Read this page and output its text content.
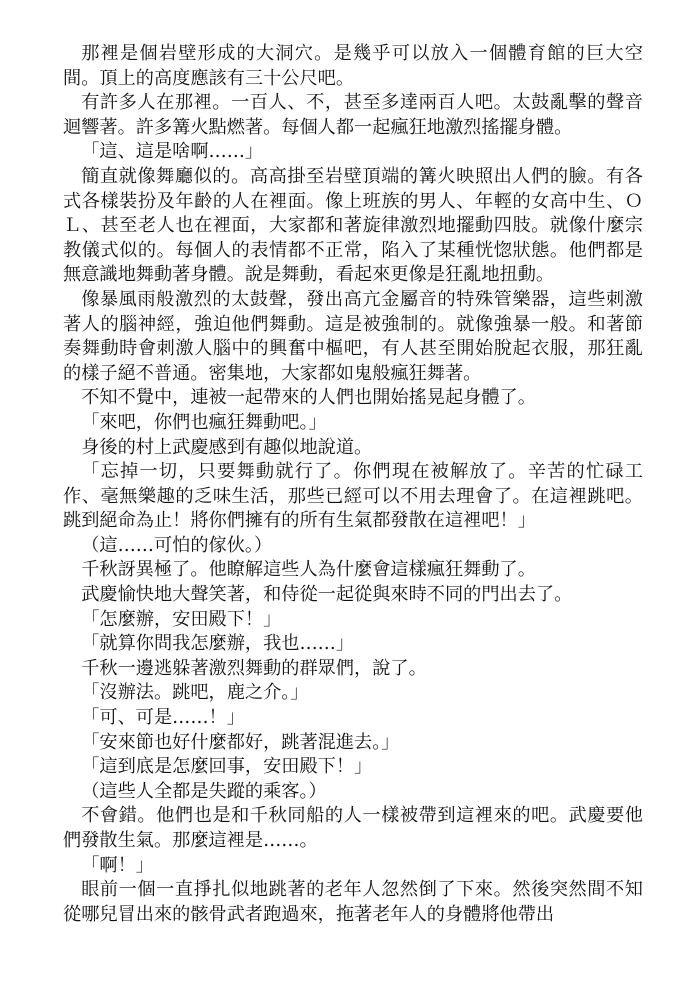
那裡是個岩壁形成的大洞穴。是幾乎可以放入一個體育館的巨大空間。頂上的高度應該有三十公尺吧。

有許多人在那裡。一百人、不，甚至多達兩百人吧。太鼓亂擊的聲音迴響著。許多篝火點燃著。每個人都一起瘋狂地激烈搖擺身體。

「這、這是啥啊……」

簡直就像舞廳似的。高高掛至岩壁頂端的篝火映照出人們的臉。有各式各樣裝扮及年齡的人在裡面。像上班族的男人、年輕的女高中生、ＯＬ、甚至老人也在裡面，大家都和著旋律激烈地擺動四肢。就像什麼宗教儀式似的。每個人的表情都不正常，陷入了某種恍惚狀態。他們都是無意識地舞動著身體。說是舞動，看起來更像是狂亂地扭動。

像暴風雨般激烈的太鼓聲，發出高亢金屬音的特殊管樂器，這些刺激著人的腦神經，強迫他們舞動。這是被強制的。就像強暴一般。和著節奏舞動時會刺激人腦中的興奮中樞吧，有人甚至開始脫起衣服，那狂亂的樣子絕不普通。密集地，大家都如鬼般瘋狂舞著。

不知不覺中，連被一起帶來的人們也開始搖晃起身體了。

「來吧，你們也瘋狂舞動吧。」

身後的村上武慶感到有趣似地說道。

「忘掉一切，只要舞動就行了。你們現在被解放了。辛苦的忙碌工作、毫無樂趣的乏味生活，那些已經可以不用去理會了。在這裡跳吧。跳到絕命為止！將你們擁有的所有生氣都發散在這裡吧！」

（這……可怕的傢伙。）

千秋訝異極了。他瞭解這些人為什麼會這樣瘋狂舞動了。

武慶愉快地大聲笑著，和侍從一起從與來時不同的門出去了。

「怎麼辦，安田殿下！」

「就算你問我怎麼辦，我也……」

千秋一邊逃躲著激烈舞動的群眾們，說了。

「沒辦法。跳吧，鹿之介。」

「可、可是……！」

「安來節也好什麼都好，跳著混進去。」

「這到底是怎麼回事，安田殿下！」

（這些人全都是失蹤的乘客。）

不會錯。他們也是和千秋同船的人一樣被帶到這裡來的吧。武慶要他們發散生氣。那麼這裡是……。

「啊！」

眼前一個一直掙扎似地跳著的老年人忽然倒了下來。然後突然間不知從哪兒冒出來的骸骨武者跑過來，拖著老年人的身體將他帶出
